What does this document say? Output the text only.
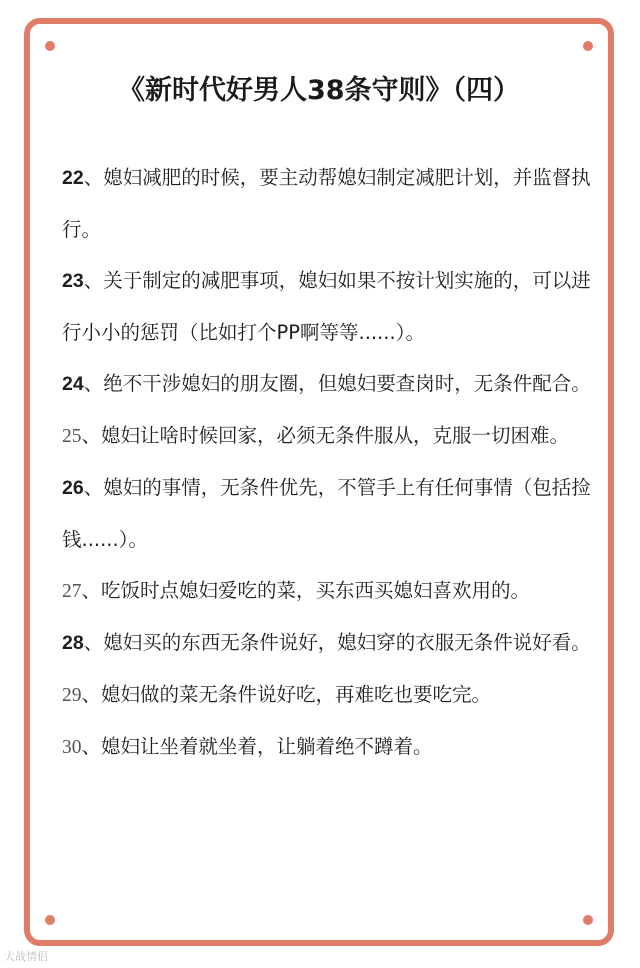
《新时代好男人38条守则》（四）
22、媳妇减肥的时候，要主动帮媳妇制定减肥计划，并监督执行。
23、关于制定的减肥事项，媳妇如果不按计划实施的，可以进行小小的惩罚（比如打个PP啊等等......）。
24、绝不干涉媳妇的朋友圈，但媳妇要查岗时，无条件配合。
25、媳妇让啥时候回家，必须无条件服从，克服一切困难。
26、媳妇的事情，无条件优先，不管手上有任何事情（包括捡钱......）。
27、吃饭时点媳妇爱吃的菜，买东西买媳妇喜欢用的。
28、媳妇买的东西无条件说好，媳妇穿的衣服无条件说好看。
29、媳妇做的菜无条件说好吃，再难吃也要吃完。
30、媳妇让坐着就坐着，让躺着绝不蹲着。
大战情侣
